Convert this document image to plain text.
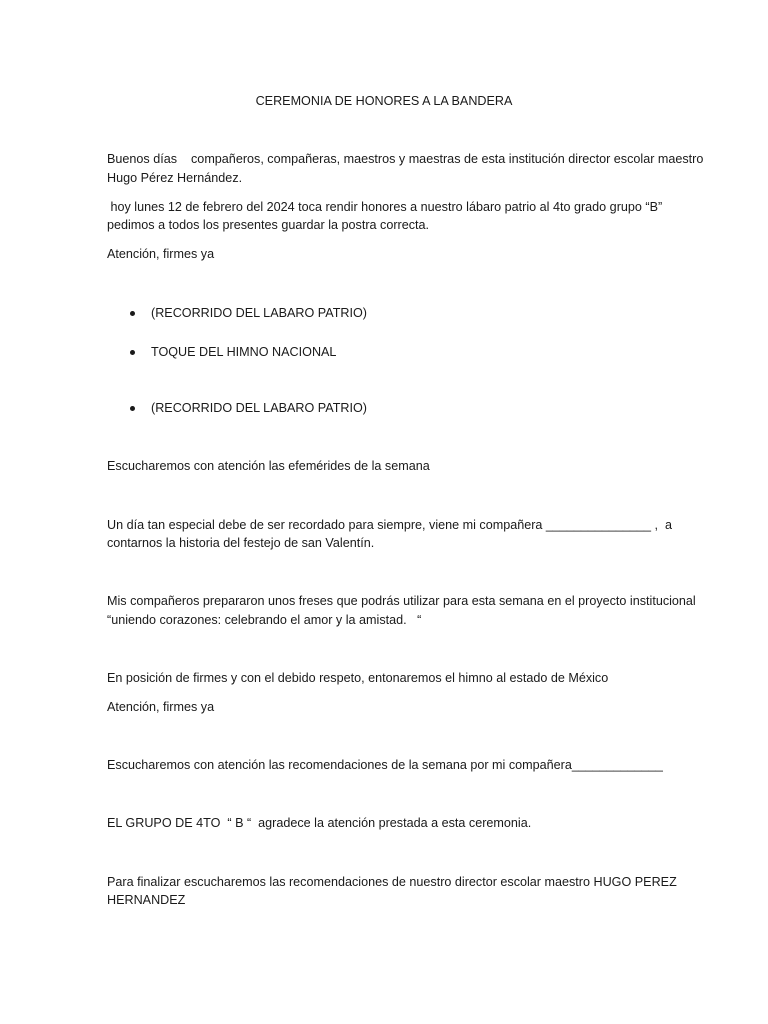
CEREMONIA DE HONORES A LA BANDERA
Buenos días    compañeros, compañeras, maestros y maestras de esta institución director escolar maestro
Hugo Pérez Hernández.
hoy lunes 12 de febrero del 2024 toca rendir honores a nuestro lábaro patrio al 4to grado grupo “B”
pedimos a todos los presentes guardar la postra correcta.
Atención, firmes ya
(RECORRIDO DEL LABARO PATRIO)
TOQUE DEL HIMNO NACIONAL
(RECORRIDO DEL LABARO PATRIO)
Escucharemos con atención las efemérides de la semana
Un día tan especial debe de ser recordado para siempre, viene mi compañera _______________ ,  a
contarnos la historia del festejo de san Valentín.
Mis compañeros prepararon unos freses que podrás utilizar para esta semana en el proyecto institucional
“uniendo corazones: celebrando el amor y la amistad.   “
En posición de firmes y con el debido respeto, entonaremos el himno al estado de México
Atención, firmes ya
Escucharemos con atención las recomendaciones de la semana por mi compañera_____________
EL GRUPO DE 4TO  “ B “  agradece la atención prestada a esta ceremonia.
Para finalizar escucharemos las recomendaciones de nuestro director escolar maestro HUGO PEREZ
HERNANDEZ
